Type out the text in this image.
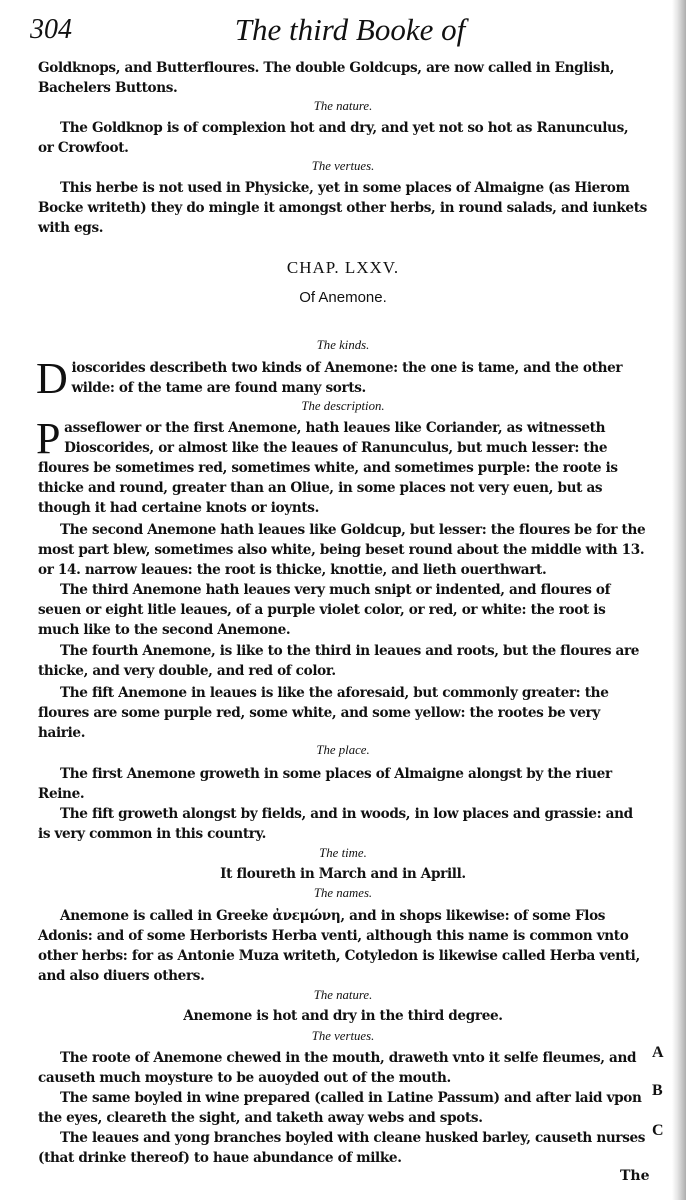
304	The third Booke of
Goldknops, and Butterfloures. The double Goldcups, are now called in English, Bachelers Buttons.
The nature.
The Goldknop is of complexion hot and dry, and yet not so hot as Ranunculus, or Crowfoot.
The vertues.
This herbe is not used in Physicke, yet in some places of Almaigne (as Hierom Bocke writeth) they do mingle it amongst other herbs, in round salads, and iunkets with egs.
CHAP. LXXV.
Of Anemone.
The kinds.
Dioscorides describeth two kinds of Anemone: the one is tame, and the other wilde: of the tame are found many sorts.
The description.
Passeflower or the first Anemone, hath leaues like Coriander, as witnesseth Dioscorides, or almost like the leaues of Ranunculus, but much lesser: the floures be sometimes red, sometimes white, and sometimes purple: the roote is thicke and round, greater than an Oliue, in some places not very euen, but as though it had certaine knots or ioynts.
The second Anemone hath leaues like Goldcup, but lesser: the floures be for the most part blew, sometimes also white, being beset round about the middle with 13. or 14. narrow leaues: the root is thicke, knottie, and lieth ouerthwart.
The third Anemone hath leaues very much snipt or indented, and floures of seuen or eight litle leaues, of a purple violet color, or red, or white: the root is much like to the second Anemone.
The fourth Anemone, is like to the third in leaues and roots, but the floures are thicke, and very double, and red of color.
The fift Anemone in leaues is like the aforesaid, but commonly greater: the floures are some purple red, some white, and some yellow: the rootes be very hairie.
The place.
The first Anemone groweth in some places of Almaigne alongst by the riuer Reine.
The fift groweth alongst by fields, and in woods, in low places and grassie: and is very common in this country.
The time.
It floureth in March and in Aprill.
The names.
Anemone is called in Greeke ἀνεμώνη, and in shops likewise: of some Flos Adonis: and of some Herborists Herba venti, although this name is common vnto other herbs: for as Antonie Muza writeth, Cotyledon is likewise called Herba venti, and also diuers others.
The nature.
Anemone is hot and dry in the third degree.
The vertues.
The roote of Anemone chewed in the mouth, draweth vnto it selfe fleumes, and causeth much moysture to be auoyded out of the mouth.
The same boyled in wine prepared (called in Latine Passum) and after laid vpon the eyes, cleareth the sight, and taketh away webs and spots.
The leaues and yong branches boyled with cleane husked barley, causeth nurses (that drinke thereof) to haue abundance of milke.
A
B
C
The
